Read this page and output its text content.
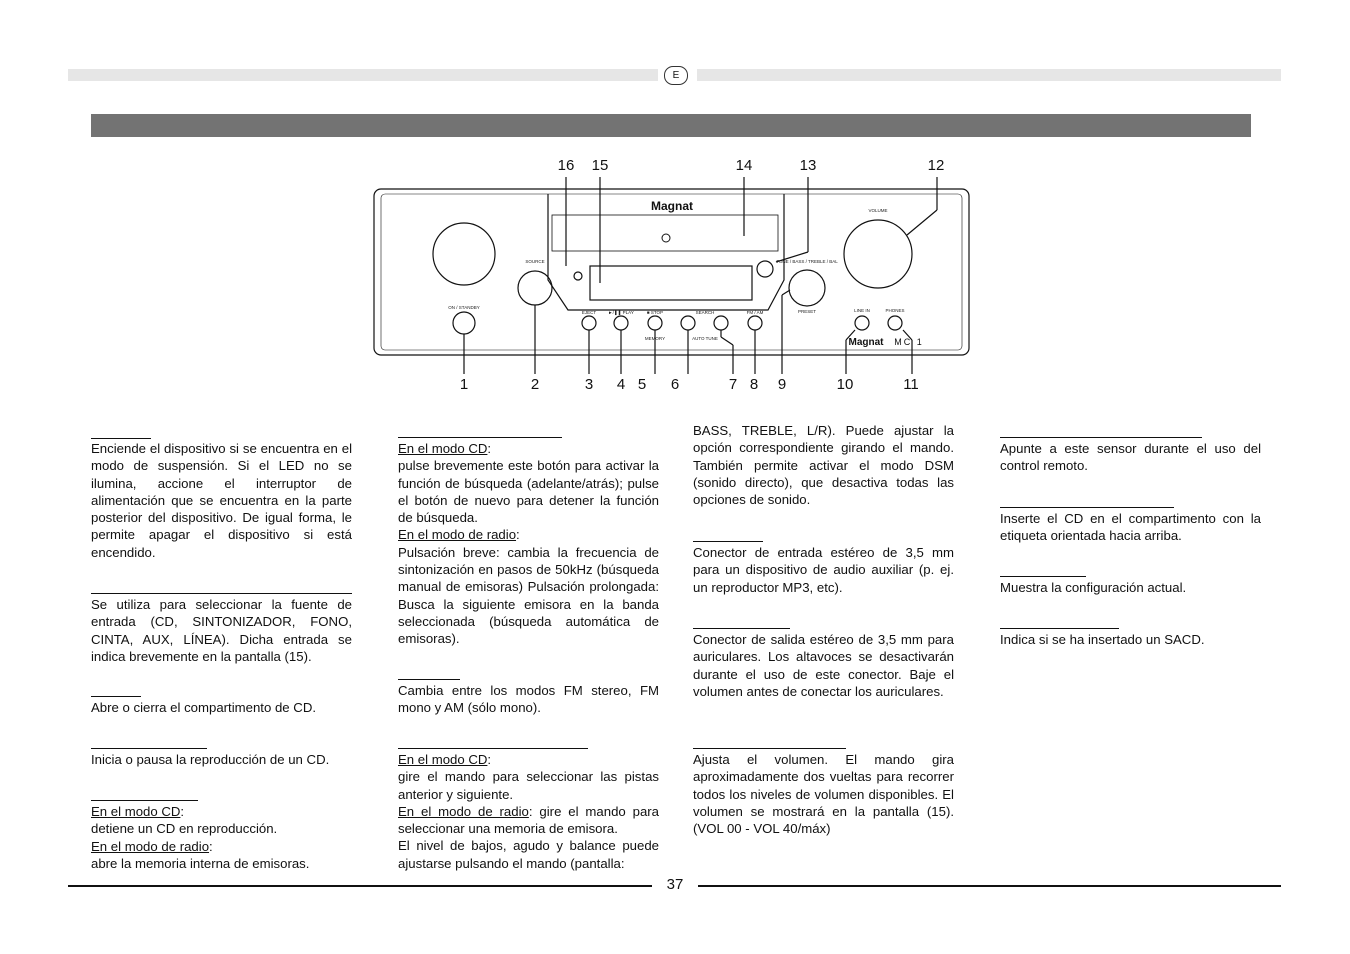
E
Magnat
Magnat MC 1
VOLUME
SOURCE
ON / STANDBY
TONE / BASS / TREBLE / BAL
PRESET
EJECT	►/❚❚ PLAY	■ STOP
MEMORY
SEARCH
AUTO TUNE
FM / AM	LINE IN	PHONES
16 15	14	13	12
1	2	3 4 5 6	7 8 9	10	11

Enciende el dispositivo si se encuentra en el modo de suspensión. Si el LED no se ilumina, accione el interruptor de alimentación que se encuentra en la parte posterior del dispositivo. De igual forma, le permite apagar el dispositivo si está encendido.

Se utiliza para seleccionar la fuente de entrada (CD, SINTONIZADOR, FONO, CINTA, AUX, LÍNEA). Dicha entrada se indica brevemente en la pantalla (15).

Abre o cierra el compartimento de CD.

Inicia o pausa la reproducción de un CD.

En el modo CD:

detiene un CD en reproducción.

En el modo de radio:

abre la memoria interna de emisoras.

En el modo CD:

pulse brevemente este botón para activar la función de búsqueda (adelante/atrás); pulse el botón de nuevo para detener la función de búsqueda.

En el modo de radio:

Pulsación breve: cambia la frecuencia de sintonización en pasos de 50kHz (búsqueda manual de emisoras) Pulsación prolongada: Busca la siguiente emisora en la banda seleccionada (búsqueda automática de emisoras).

Cambia entre los modos FM stereo, FM mono y AM (sólo mono).

En el modo CD:

gire el mando para seleccionar las pistas anterior y siguiente.

En el modo de radio: gire el mando para seleccionar una memoria de emisora.

El nivel de bajos, agudo y balance puede ajustarse pulsando el mando (pantalla:

BASS, TREBLE, L/R). Puede ajustar la opción correspondiente girando el mando. También permite activar el modo DSM (sonido directo), que desactiva todas las opciones de sonido.

Conector de entrada estéreo de 3,5 mm para un dispositivo de audio auxiliar (p. ej. un reproductor MP3, etc).

Conector de salida estéreo de 3,5 mm para auriculares. Los altavoces se desactivarán durante el uso de este conector. Baje el volumen antes de conectar los auriculares.

Ajusta el volumen. El mando gira aproximadamente dos vueltas para recorrer todos los niveles de volumen disponibles. El volumen se mostrará en la pantalla (15). (VOL 00 - VOL 40/máx)

Apunte a este sensor durante el uso del control remoto.

Inserte el CD en el compartimento con la etiqueta orientada hacia arriba.

Muestra la configuración actual.

Indica si se ha insertado un SACD.

37
